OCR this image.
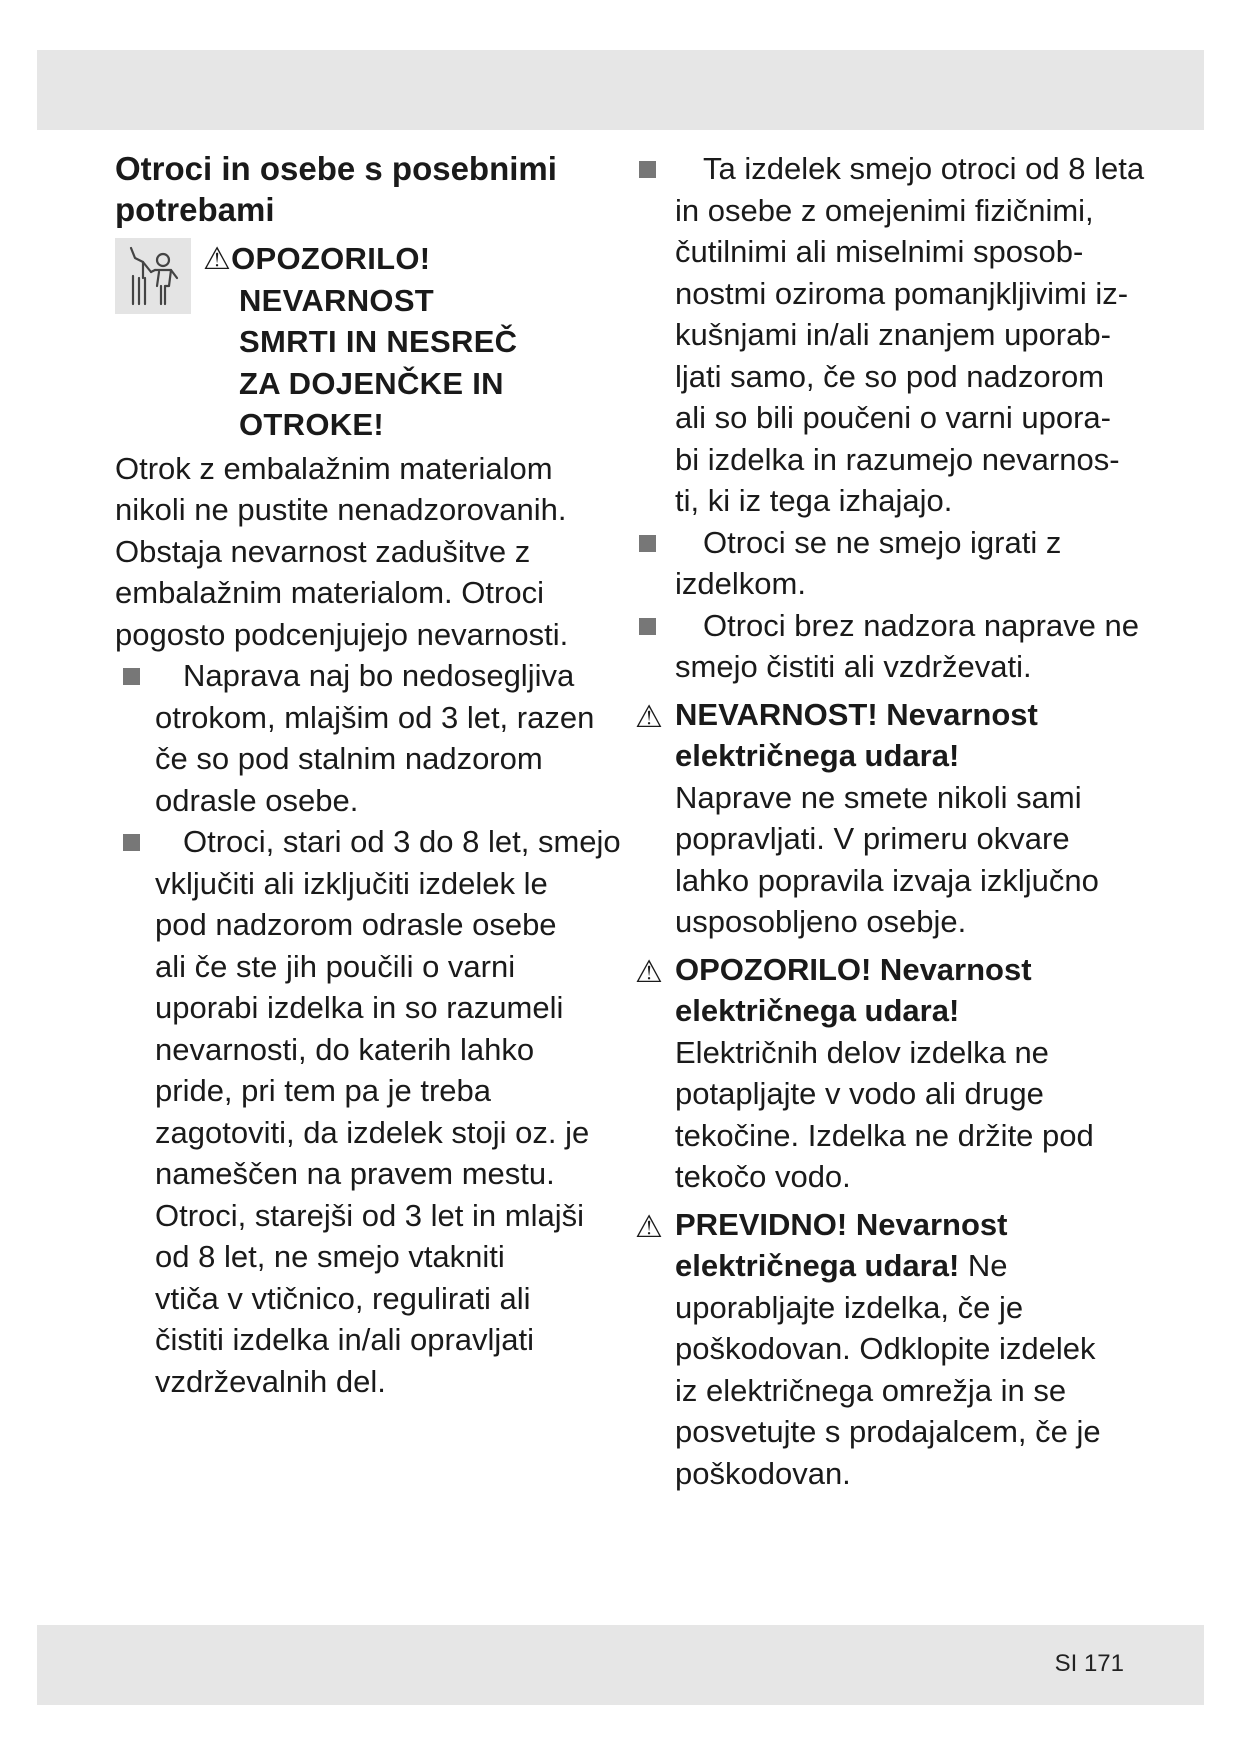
Otroci in osebe s posebnimi potrebami
⚠OPOZORILO!
NEVARNOST
SMRTI IN NESREČ
ZA DOJENČKE IN
OTROKE!

Otrok z embalažnim materialom
nikoli ne pustite nenadzorovanih.
Obstaja nevarnost zadušitve z
embalažnim materialom. Otroci
pogosto podcenjujejo nevarnosti.

Naprava naj bo nedosegljiva
otrokom, mlajšim od 3 let, razen
če so pod stalnim nadzorom
odrasle osebe.
Otroci, stari od 3 do 8 let, smejo
vključiti ali izključiti izdelek le
pod nadzorom odrasle osebe
ali če ste jih poučili o varni
uporabi izdelka in so razumeli
nevarnosti, do katerih lahko
pride, pri tem pa je treba
zagotoviti, da izdelek stoji oz. je
nameščen na pravem mestu.
Otroci, starejši od 3 let in mlajši
od 8 let, ne smejo vtakniti
vtiča v vtičnico, regulirati ali
čistiti izdelka in/ali opravljati
vzdrževalnih del.
Ta izdelek smejo otroci od 8 leta
in osebe z omejenimi fizičnimi,
čutilnimi ali miselnimi sposob-
nostmi oziroma pomanjkljivimi iz-
kušnjami in/ali znanjem uporab-
ljati samo, če so pod nadzorom
ali so bili poučeni o varni upora-
bi izdelka in razumejo nevarnos-
ti, ki iz tega izhajajo.
Otroci se ne smejo igrati z
izdelkom.
Otroci brez nadzora naprave ne
smejo čistiti ali vzdrževati.
⚠ NEVARNOST! Nevarnost
električnega udara!
Naprave ne smete nikoli sami
popravljati. V primeru okvare
lahko popravila izvaja izključno
usposobljeno osebje.
⚠ OPOZORILO! Nevarnost
električnega udara!
Električnih delov izdelka ne
potapljajte v vodo ali druge
tekočine. Izdelka ne držite pod
tekočo vodo.
⚠ PREVIDNO! Nevarnost
električnega udara! Ne
uporabljajte izdelka, če je
poškodovan. Odklopite izdelek
iz električnega omrežja in se
posvetujte s prodajalcem, če je
poškodovan.
SI 171
